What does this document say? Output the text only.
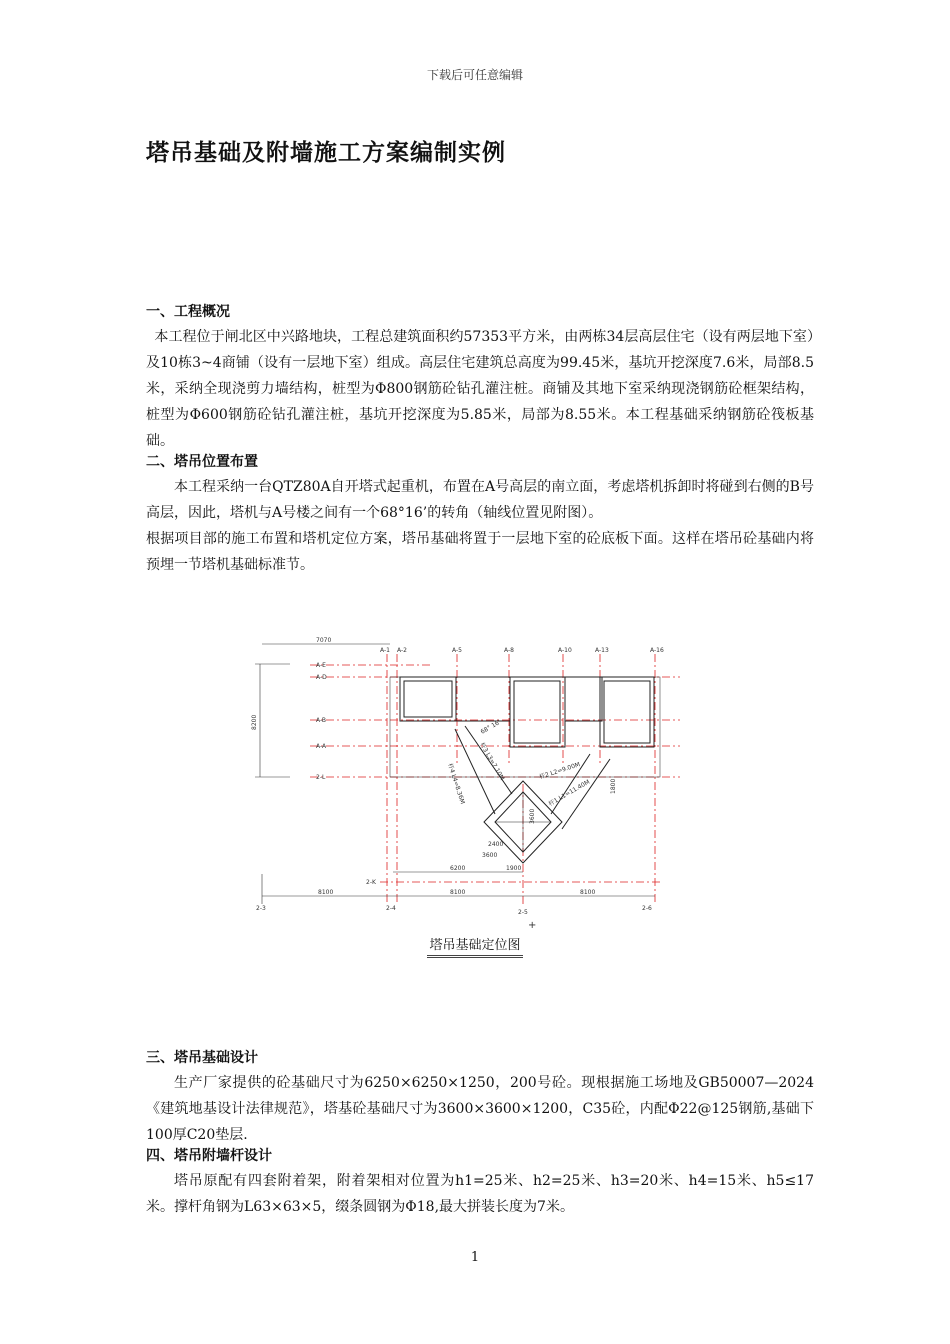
下载后可任意编辑
塔吊基础及附墙施工方案编制实例
一、工程概况

本工程位于闸北区中兴路地块，工程总建筑面积约57353平方米，由两栋34层高层住宅（设有两层地下室）及10栋3~4商铺（设有一层地下室）组成。高层住宅建筑总高度为99.45米，基坑开挖深度7.6米，局部8.5米，采纳全现浇剪力墙结构，桩型为Φ800钢筋砼钻孔灌注桩。商铺及其地下室采纳现浇钢筋砼框架结构，桩型为Φ600钢筋砼钻孔灌注桩，基坑开挖深度为5.85米，局部为8.55米。本工程基础采纳钢筋砼筏板基础。

二、塔吊位置布置

本工程采纳一台QTZ80A自开塔式起重机，布置在A号高层的南立面，考虑塔机拆卸时将碰到右侧的B号高层，因此，塔机与A号楼之间有一个68°16’的转角（轴线位置见附图）。

根据项目部的施工布置和塔机定位方案，塔吊基础将置于一层地下室的砼底板下面。这样在塔吊砼基础内将预埋一节塔机基础标准节。

7070
8200
A-E
A-D
A-B
A-A
2-L
2-K
A-1 A-2	A-5	A-8	A-10	A-13	A-16
杆1 L1=11.40M
杆2 L2=9.00M
杆3 L3=7.10M
杆4 L4=8.36M
68° 16'
1800
2400
3600
3600
6200	1900
8100	8100	8100
2-3	2-4
2-5
2-6
+
塔吊基础定位图
三、塔吊基础设计

生产厂家提供的砼基础尺寸为6250×6250×1250，200号砼。现根据施工场地及GB50007—2024《建筑地基设计法律规范》，塔基砼基础尺寸为3600×3600×1200，C35砼，内配Φ22@125钢筋,基础下100厚C20垫层.

四、塔吊附墙杆设计

塔吊原配有四套附着架，附着架相对位置为h1=25米、h2=25米、h3=20米、h4=15米、h5≤17米。撑杆角钢为L63×63×5，缀条圆钢为Φ18,最大拼装长度为7米。

1
